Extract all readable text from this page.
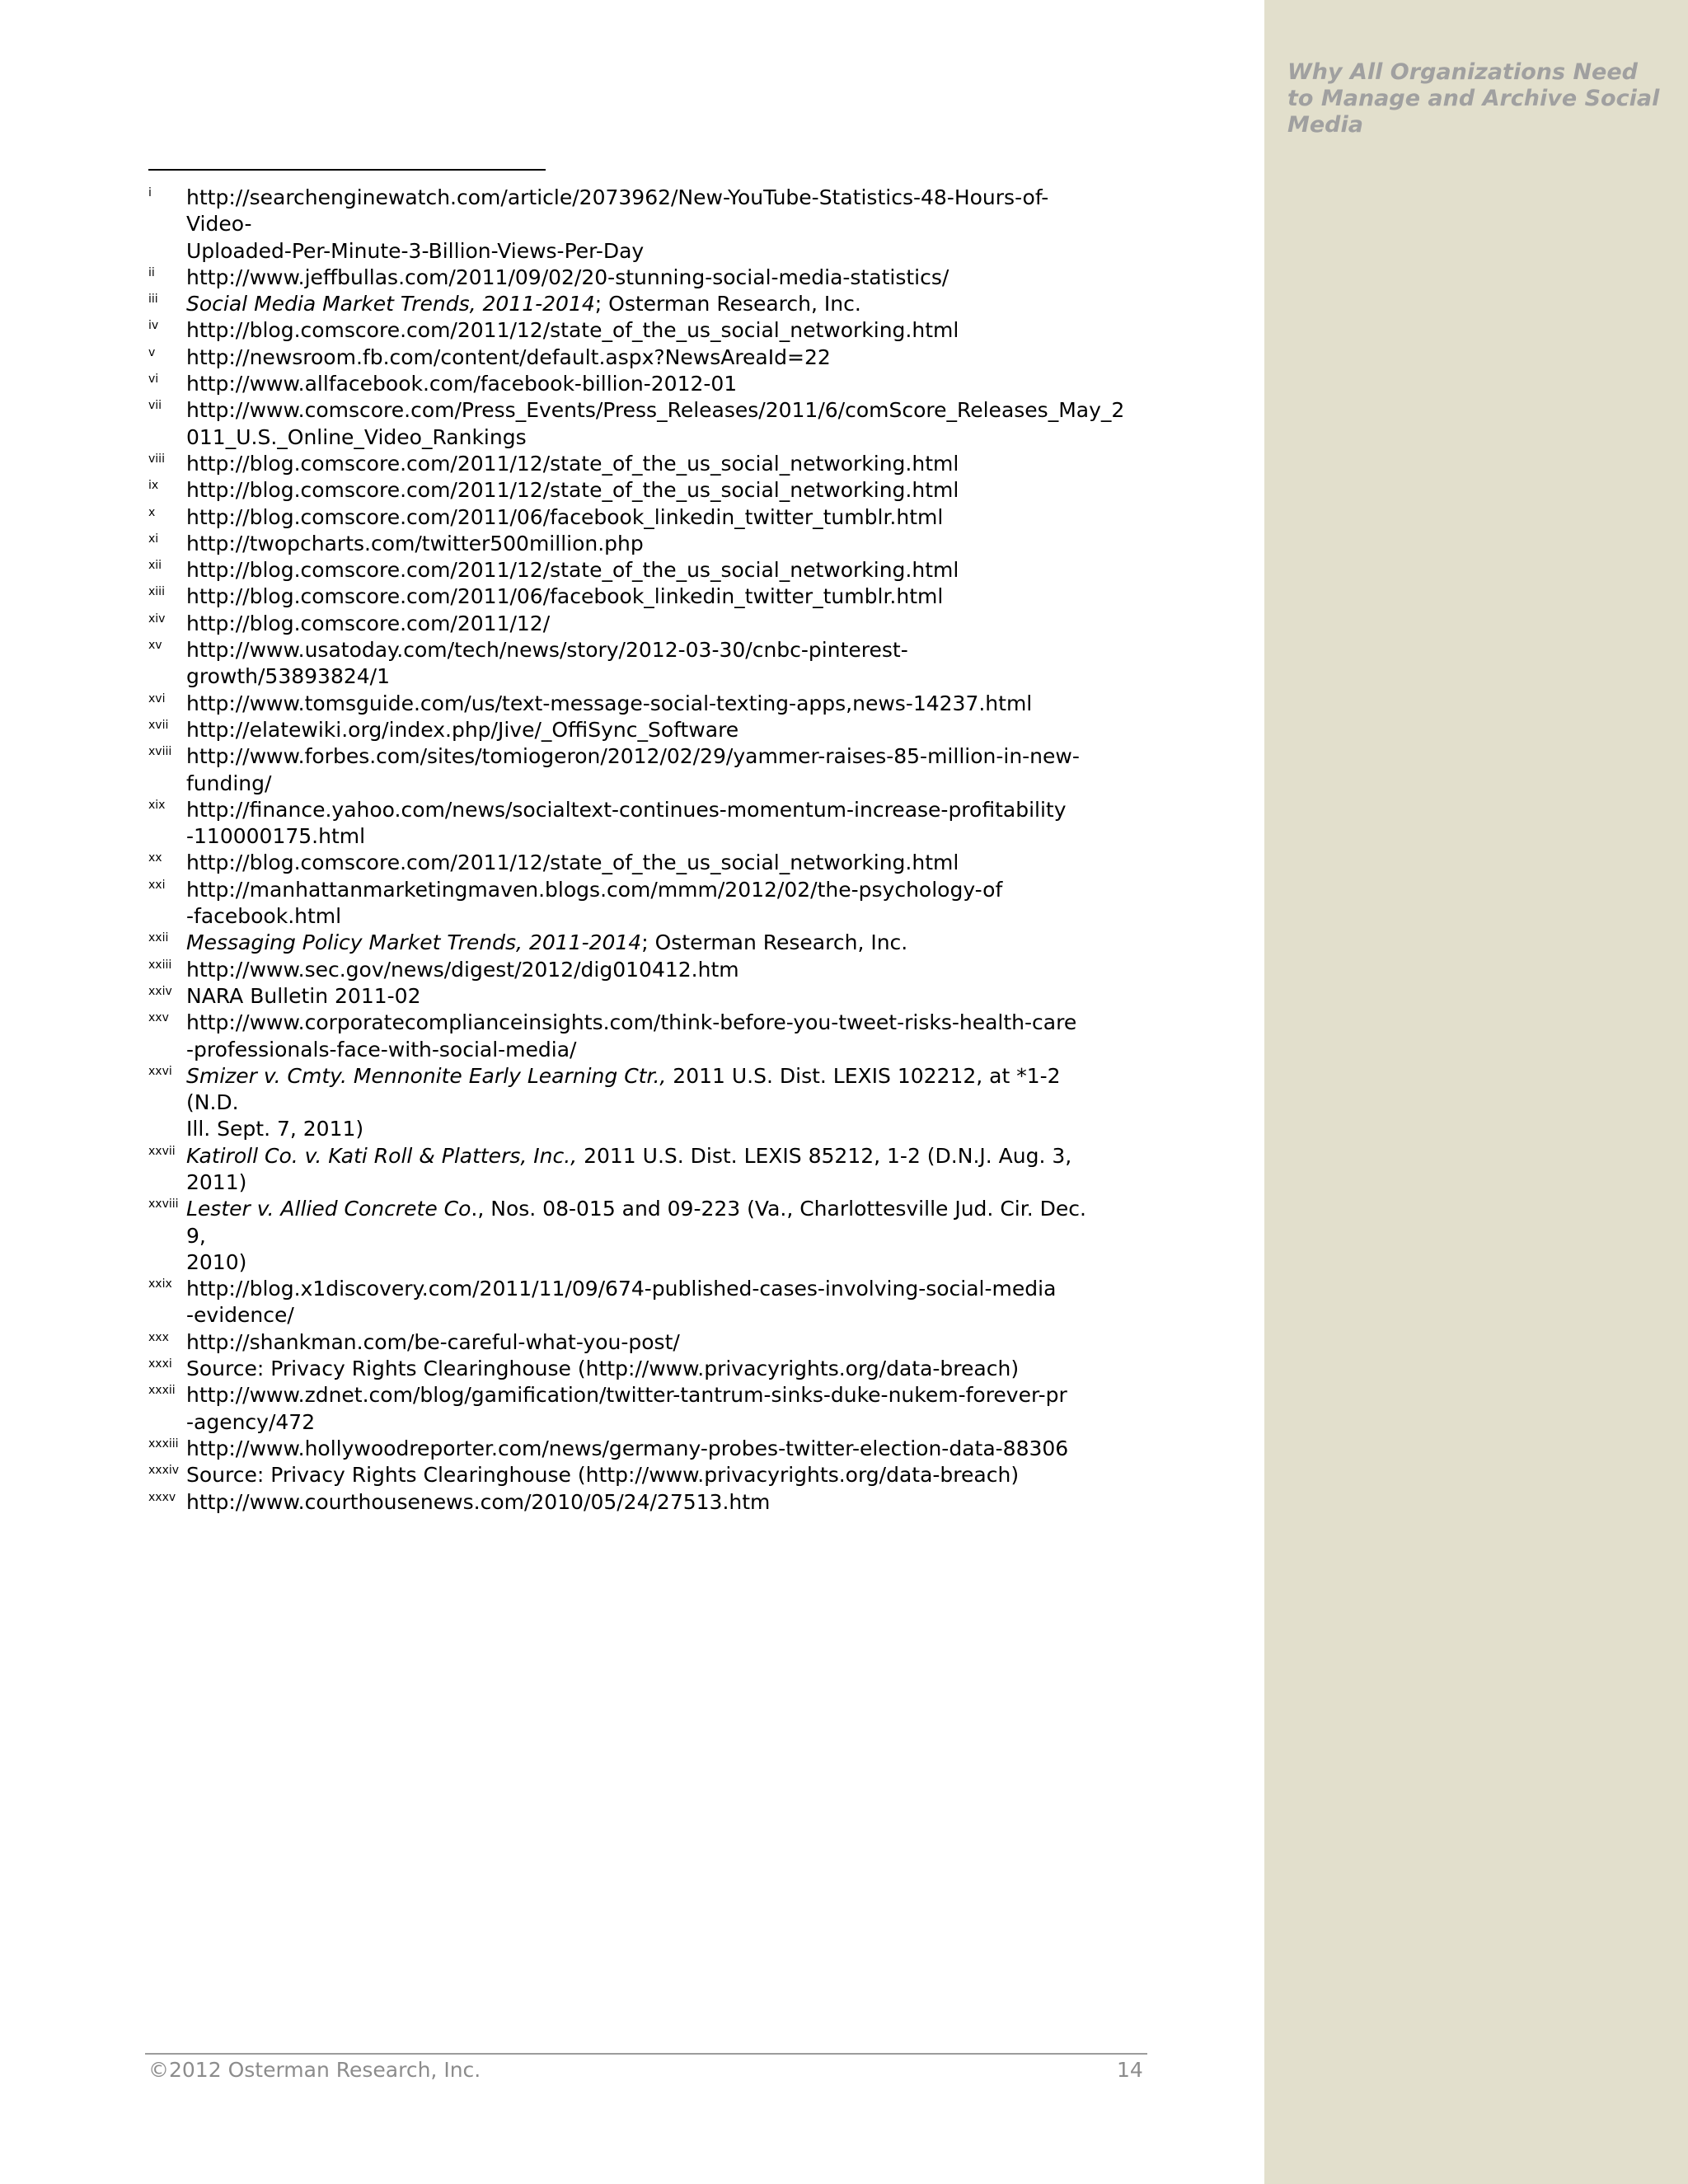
Why All Organizations Need to Manage and Archive Social Media
i http://searchenginewatch.com/article/2073962/New-YouTube-Statistics-48-Hours-of-Video-
Uploaded-Per-Minute-3-Billion-Views-Per-Day
ii http://www.jeffbullas.com/2011/09/02/20-stunning-social-media-statistics/
iii Social Media Market Trends, 2011-2014; Osterman Research, Inc.
iv http://blog.comscore.com/2011/12/state_of_the_us_social_networking.html
v http://newsroom.fb.com/content/default.aspx?NewsAreaId=22
vi http://www.allfacebook.com/facebook-billion-2012-01
vii http://www.comscore.com/Press_Events/Press_Releases/2011/6/comScore_Releases_May_2
011_U.S._Online_Video_Rankings
viii http://blog.comscore.com/2011/12/state_of_the_us_social_networking.html
ix http://blog.comscore.com/2011/12/state_of_the_us_social_networking.html
x http://blog.comscore.com/2011/06/facebook_linkedin_twitter_tumblr.html
xi http://twopcharts.com/twitter500million.php
xii http://blog.comscore.com/2011/12/state_of_the_us_social_networking.html
xiii http://blog.comscore.com/2011/06/facebook_linkedin_twitter_tumblr.html
xiv http://blog.comscore.com/2011/12/
xv http://www.usatoday.com/tech/news/story/2012-03-30/cnbc-pinterest-growth/53893824/1
xvi http://www.tomsguide.com/us/text-message-social-texting-apps,news-14237.html
xvii http://elatewiki.org/index.php/Jive/_OffiSync_Software
xviii http://www.forbes.com/sites/tomiogeron/2012/02/29/yammer-raises-85-million-in-new-
funding/
xix http://finance.yahoo.com/news/socialtext-continues-momentum-increase-profitability
-110000175.html
xx http://blog.comscore.com/2011/12/state_of_the_us_social_networking.html
xxi http://manhattanmarketingmaven.blogs.com/mmm/2012/02/the-psychology-of
-facebook.html
xxii Messaging Policy Market Trends, 2011-2014; Osterman Research, Inc.
xxiii http://www.sec.gov/news/digest/2012/dig010412.htm
xxiv NARA Bulletin 2011-02
xxv http://www.corporatecomplianceinsights.com/think-before-you-tweet-risks-health-care
-professionals-face-with-social-media/
xxvi Smizer v. Cmty. Mennonite Early Learning Ctr., 2011 U.S. Dist. LEXIS 102212, at *1-2 (N.D.
Ill. Sept. 7, 2011)
xxvii Katiroll Co. v. Kati Roll & Platters, Inc., 2011 U.S. Dist. LEXIS 85212, 1-2 (D.N.J. Aug. 3,
2011)
xxviii Lester v. Allied Concrete Co., Nos. 08-015 and 09-223 (Va., Charlottesville Jud. Cir. Dec. 9,
2010)
xxix http://blog.x1discovery.com/2011/11/09/674-published-cases-involving-social-media
-evidence/
xxx http://shankman.com/be-careful-what-you-post/
xxxi Source: Privacy Rights Clearinghouse (http://www.privacyrights.org/data-breach)
xxxii http://www.zdnet.com/blog/gamification/twitter-tantrum-sinks-duke-nukem-forever-pr
-agency/472
xxxiii http://www.hollywoodreporter.com/news/germany-probes-twitter-election-data-88306
xxxiv Source: Privacy Rights Clearinghouse (http://www.privacyrights.org/data-breach)
xxxv http://www.courthousenews.com/2010/05/24/27513.htm
©2012 Osterman Research, Inc.	14
